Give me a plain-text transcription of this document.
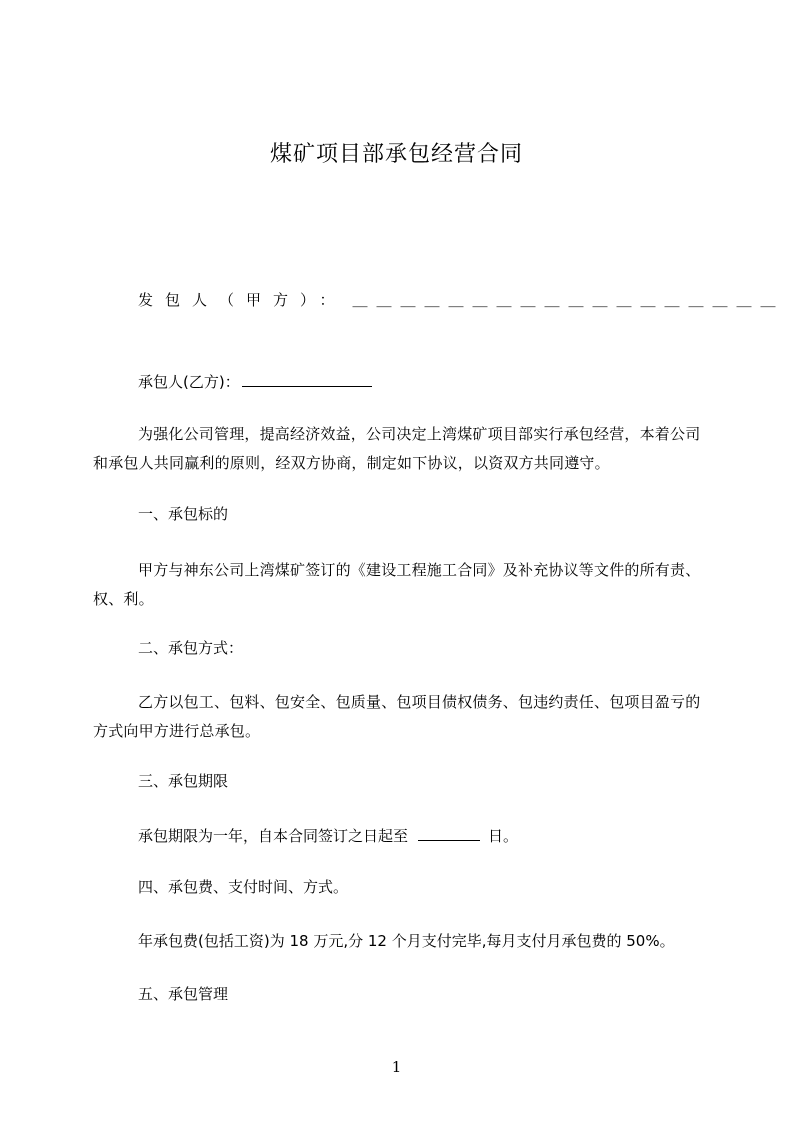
煤矿项目部承包经营合同
发包人（甲方）： ＿＿＿＿＿＿＿＿＿＿＿＿＿＿＿＿＿＿
承包人(乙方)：
为强化公司管理，提高经济效益，公司决定上湾煤矿项目部实行承包经营，本着公司和承包人共同赢利的原则，经双方协商，制定如下协议，以资双方共同遵守。
一、承包标的
甲方与神东公司上湾煤矿签订的《建设工程施工合同》及补充协议等文件的所有责、权、利。
二、承包方式：
乙方以包工、包料、包安全、包质量、包项目债权债务、包违约责任、包项目盈亏的方式向甲方进行总承包。
三、承包期限
承包期限为一年，自本合同签订之日起至	日。
四、承包费、支付时间、方式。
年承包费(包括工资)为 18 万元,分 12 个月支付完毕,每月支付月承包费的 50%。
五、承包管理
1
